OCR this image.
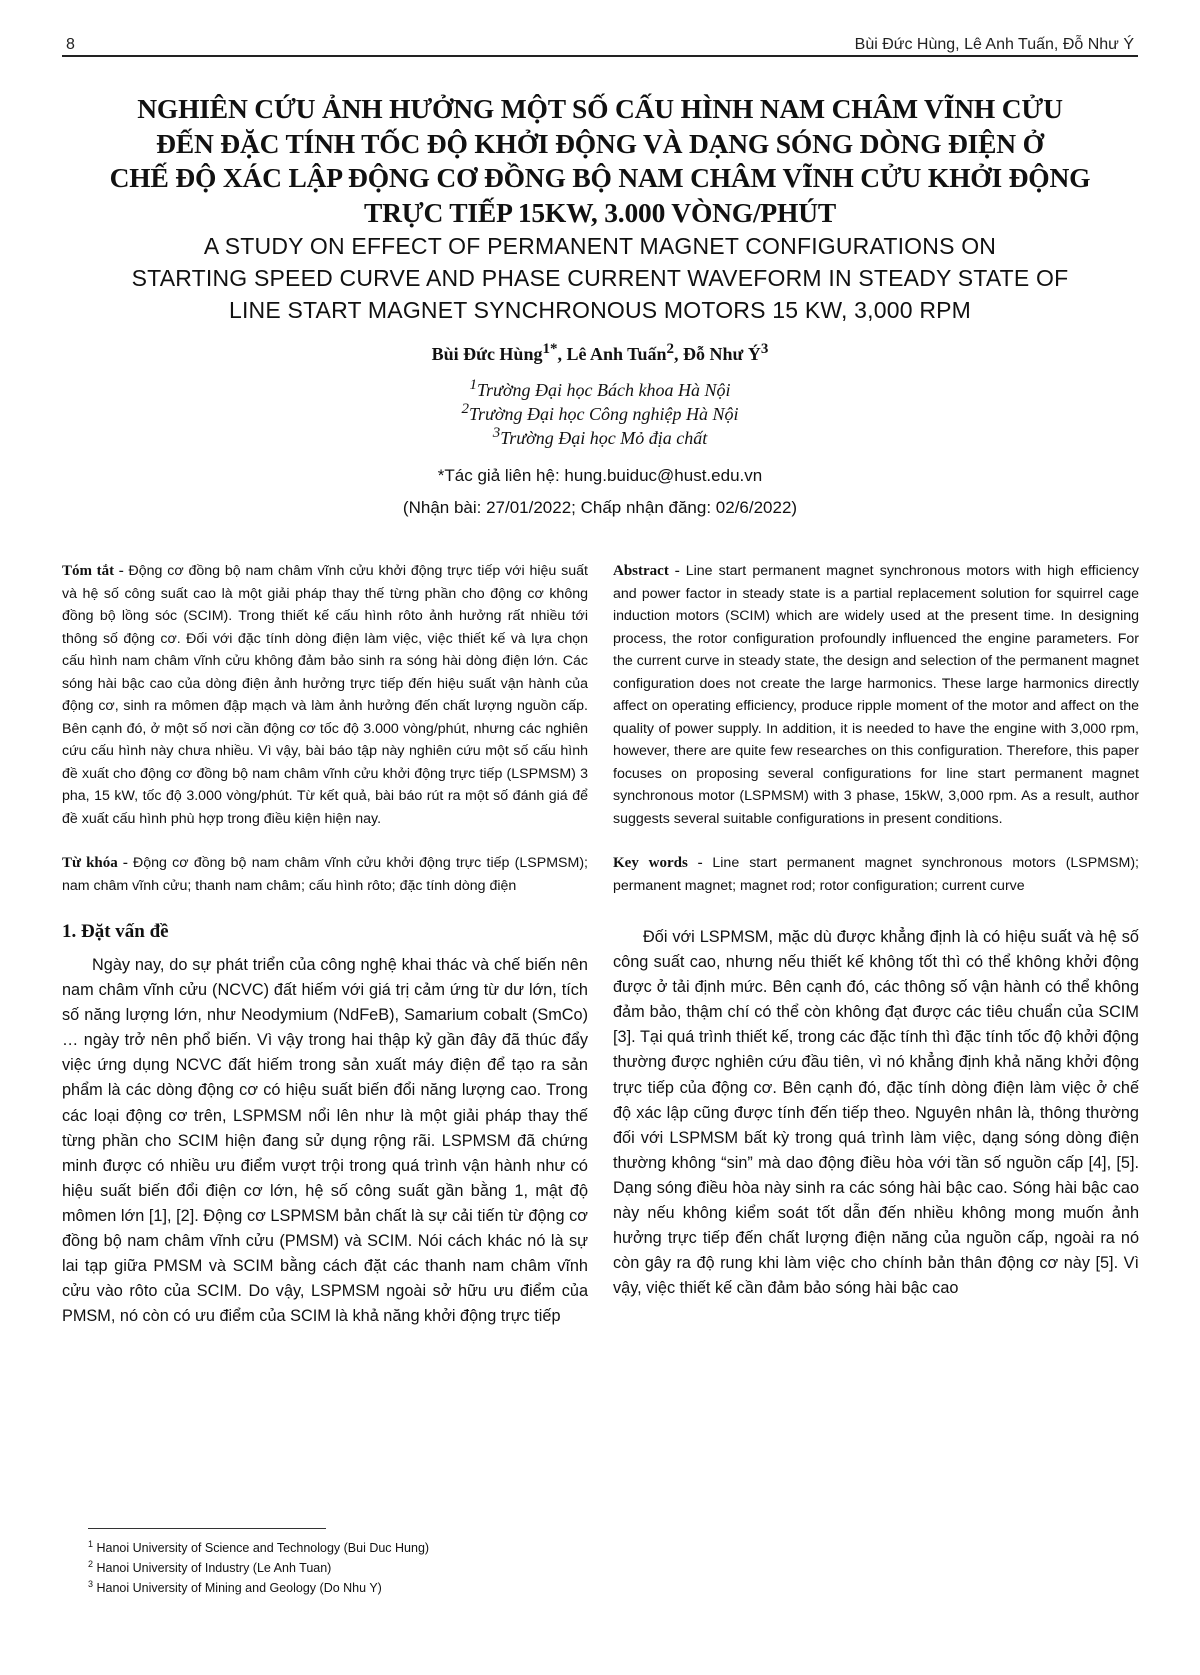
8	Bùi Đức Hùng, Lê Anh Tuấn, Đỗ Như Ý
NGHIÊN CỨU ẢNH HƯỞNG MỘT SỐ CẤU HÌNH NAM CHÂM VĨNH CỬU
ĐẾN ĐẶC TÍNH TỐC ĐỘ KHỞI ĐỘNG VÀ DẠNG SÓNG DÒNG ĐIỆN Ở
CHẾ ĐỘ XÁC LẬP ĐỘNG CƠ ĐỒNG BỘ NAM CHÂM VĨNH CỬU KHỞI ĐỘNG
TRỰC TIẾP 15KW, 3.000 VÒNG/PHÚT
A STUDY ON EFFECT OF PERMANENT MAGNET CONFIGURATIONS ON
STARTING SPEED CURVE AND PHASE CURRENT WAVEFORM IN STEADY STATE OF
LINE START MAGNET SYNCHRONOUS MOTORS 15 KW, 3,000 RPM
Bùi Đức Hùng$^{1*}$, Lê Anh Tuấn$^2$, Đỗ Như $Ý^3$
$^1$Trường Đại học Bách khoa Hà Nội
$^2$Trường Đại học Công nghiệp Hà Nội
$^3$Trường Đại học Mỏ địa chất
*Tác giả liên hệ: hung.buiduc@hust.edu.vn
(Nhận bài: 27/01/2022; Chấp nhận đăng: 02/6/2022)

Tóm tắt - Động cơ đồng bộ nam châm vĩnh cửu khởi động trực tiếp với hiệu suất và hệ số công suất cao là một giải pháp thay thế từng phần cho động cơ không đồng bộ lồng sóc (SCIM). Trong thiết kế cấu hình rôto ảnh hưởng rất nhiều tới thông số động cơ. Đối với đặc tính dòng điện làm việc, việc thiết kế và lựa chọn cấu hình nam châm vĩnh cửu không đảm bảo sinh ra sóng hài dòng điện lớn. Các sóng hài bậc cao của dòng điện ảnh hưởng trực tiếp đến hiệu suất vận hành của động cơ, sinh ra mômen đập mạch và làm ảnh hưởng đến chất lượng nguồn cấp. Bên cạnh đó, ở một số nơi cần động cơ tốc độ 3.000 vòng/phút, nhưng các nghiên cứu cấu hình này chưa nhiều. Vì vậy, bài báo tập này nghiên cứu một số cấu hình đề xuất cho động cơ đồng bộ nam châm vĩnh cửu khởi động trực tiếp (LSPMSM) 3 pha, 15 kW, tốc độ 3.000 vòng/phút. Từ kết quả, bài báo rút ra một số đánh giá để đề xuất cấu hình phù hợp trong điều kiện hiện nay.

Từ khóa - Động cơ đồng bộ nam châm vĩnh cửu khởi động trực tiếp (LSPMSM); nam châm vĩnh cửu; thanh nam châm; cấu hình rôto; đặc tính dòng điện

1. Đặt vấn đề

Ngày nay, do sự phát triển của công nghệ khai thác và chế biến nên nam châm vĩnh cửu (NCVC) đất hiếm với giá trị cảm ứng từ dư lớn, tích số năng lượng lớn, như Neodymium (NdFeB), Samarium cobalt (SmCo) … ngày trở nên phổ biến. Vì vậy trong hai thập kỷ gần đây đã thúc đẩy việc ứng dụng NCVC đất hiếm trong sản xuất máy điện để tạo ra sản phẩm là các dòng động cơ có hiệu suất biến đổi năng lượng cao. Trong các loại động cơ trên, LSPMSM nổi lên như là một giải pháp thay thế từng phần cho SCIM hiện đang sử dụng rộng rãi. LSPMSM đã chứng minh được có nhiều ưu điểm vượt trội trong quá trình vận hành như có hiệu suất biến đổi điện cơ lớn, hệ số công suất gần bằng 1, mật độ mômen lớn [1], [2]. Động cơ LSPMSM bản chất là sự cải tiến từ động cơ đồng bộ nam châm vĩnh cửu (PMSM) và SCIM. Nói cách khác nó là sự lai tạp giữa PMSM và SCIM bằng cách đặt các thanh nam châm vĩnh cửu vào rôto của SCIM. Do vậy, LSPMSM ngoài sở hữu ưu điểm của PMSM, nó còn có ưu điểm của SCIM là khả năng khởi động trực tiếp

Abstract - Line start permanent magnet synchronous motors with high efficiency and power factor in steady state is a partial replacement solution for squirrel cage induction motors (SCIM) which are widely used at the present time. In designing process, the rotor configuration profoundly influenced the engine parameters. For the current curve in steady state, the design and selection of the permanent magnet configuration does not create the large harmonics. These large harmonics directly affect on operating efficiency, produce ripple moment of the motor and affect on the quality of power supply. In addition, it is needed to have the engine with 3,000 rpm, however, there are quite few researches on this configuration. Therefore, this paper focuses on proposing several configurations for line start permanent magnet synchronous motor (LSPMSM) with 3 phase, 15kW, 3,000 rpm. As a result, author suggests several suitable configurations in present conditions.

Key words - Line start permanent magnet synchronous motors (LSPMSM); permanent magnet; magnet rod; rotor configuration; current curve

Đối với LSPMSM, mặc dù được khẳng định là có hiệu suất và hệ số công suất cao, nhưng nếu thiết kế không tốt thì có thể không khởi động được ở tải định mức. Bên cạnh đó, các thông số vận hành có thể không đảm bảo, thậm chí có thể còn không đạt được các tiêu chuẩn của SCIM [3]. Tại quá trình thiết kế, trong các đặc tính thì đặc tính tốc độ khởi động thường được nghiên cứu đầu tiên, vì nó khẳng định khả năng khởi động trực tiếp của động cơ. Bên cạnh đó, đặc tính dòng điện làm việc ở chế độ xác lập cũng được tính đến tiếp theo. Nguyên nhân là, thông thường đối với LSPMSM bất kỳ trong quá trình làm việc, dạng sóng dòng điện thường không “sin” mà dao động điều hòa với tần số nguồn cấp [4], [5]. Dạng sóng điều hòa này sinh ra các sóng hài bậc cao. Sóng hài bậc cao này nếu không kiểm soát tốt dẫn đến nhiều không mong muốn ảnh hưởng trực tiếp đến chất lượng điện năng của nguồn cấp, ngoài ra nó còn gây ra độ rung khi làm việc cho chính bản thân động cơ này [5]. Vì vậy, việc thiết kế cần đảm bảo sóng hài bậc cao

$^1$ Hanoi University of Science and Technology (Bui Duc Hung)
$^2$ Hanoi University of Industry (Le Anh Tuan)
$^3$ Hanoi University of Mining and Geology (Do Nhu Y)
